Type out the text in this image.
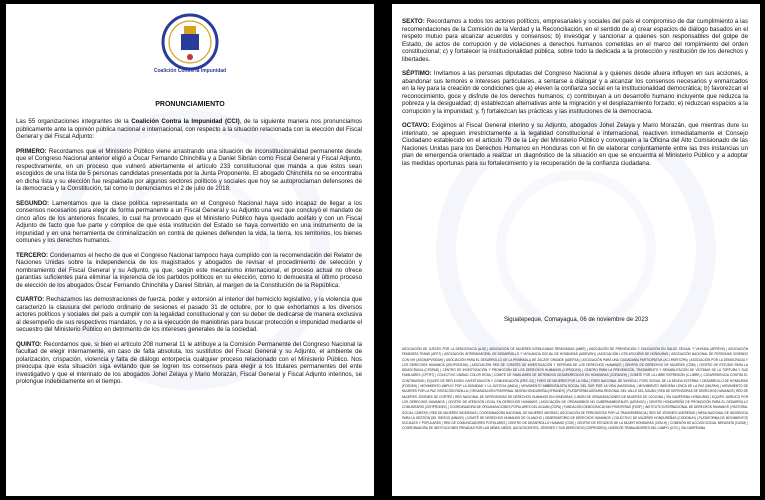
Coalición Contra la Impunidad
PRONUNCIAMIENTO

Las 55 organizaciones integrantes de la Coalición Contra la Impunidad (CCI), de la siguiente manera nos pronunciamos públicamente ante la opinión pública nacional e internacional, con respecto a la situación relacionada con la elección del Fiscal General y del Fiscal Adjunto:

PRIMERO: Recordamos que el Ministerio Público viene arrastrando una situación de inconstitucionalidad permanente desde que el Congreso Nacional anterior eligió a Óscar Fernando Chinchilla y a Daniel Sibrián como Fiscal General y Fiscal Adjunto, respectivamente, en un proceso que vulneró abiertamente el artículo 233 constitucional que manda a que éstos sean escogidos de una lista de 5 personas candidatas presentada por la Junta Proponente. El abogado Chinchilla no se encontraba en dicha lista y su elección fue respaldada por algunos sectores políticos y sociales que hoy se autoproclaman defensores de la democracia y la Constitución, tal como lo denunciamos el 2 de julio de 2018.

SEGUNDO: Lamentamos que la clase política representada en el Congreso Nacional haya sido incapaz de llegar a los consensos necesarios para elegir de forma permanente a un Fiscal General y su Adjunto una vez que concluyó el mandato de cinco años de los anteriores fiscales, lo cual ha provocado que el Ministerio Público haya quedado acéfalo y con un Fiscal Adjunto de facto que fue parte y cómplice de que esta institución del Estado se haya convertido en una instrumento de la impunidad y en una herramienta de criminalización en contra de quienes defienden la vida, la tierra, los territorios, los bienes comunes y los derechos humanos.

TERCERO: Condenamos el hecho de que el Congreso Nacional tampoco haya cumplido con la recomendación del Relator de Naciones Unidas sobre la independencia de los magistrados y abogados de revisar el procedimiento de selección y nombramiento del Fiscal General y su Adjunto, ya que, según este mecanismo internacional, el proceso actual no ofrece garantías suficientes para eliminar la injerencia de los partidos políticos en su elección, como lo demuestra el último proceso de elección de los abogados Óscar Fernando Chinchilla y Daniel Sibrián, al margen de la Constitución de la República.

CUARTO: Rechazamos las demostraciones de fuerza, poder y extorsión al interior del hemiciclo legislativo, y la violencia que caracterizó la clausura del período ordinario de sesiones el pasado 31 de octubre, por lo que exhortamos a los diversos actores políticos y sociales del país a cumplir con la legalidad constitucional y con su deber de dedicarse de manera exclusiva al desempeño de sus respectivos mandatos, y no a la ejecución de maniobras para buscar protección e impunidad mediante el secuestro del Ministerio Público en detrimento de los intereses generales de la sociedad.

QUINTO: Recordamos que, si bien el artículo 208 numeral 11 le atribuye a la Comisión Permanente del Congreso Nacional la facultad de elegir internamente, en caso de falta absoluta, los sustitutos del Fiscal General y su Adjunto, el ambiente de polarización, crispación, violencia y falta de diálogo entorpecía cualquier proceso relacionado con el Ministerio Público. Nos preocupa que esta situación siga evitando que se logren los consensos para elegir a los titulares permanentes del ente investigativo y que el interinato de los abogados Johel Zelaya y Mario Morazán, Fiscal General y Fiscal Adjunto interinos, se prolongue indebidamente en el tiempo.

SEXTO: Recordamos a todos los actores políticos, empresariales y sociales del país el compromiso de dar cumplimiento a las recomendaciones de la Comisión de la Verdad y la Reconciliación, en el sentido de a) crear espacios de diálogo basados en el respeto mutuo para alcanzar acuerdos y consensos; b) investigar y sancionar a quienes son responsables del golpe de Estado, de actos de corrupción y de violaciones a derechos humanos cometidas en el marco del rompimiento del orden constitucional; c) y fortalecer la institucionalidad pública, sobre todo la dedicada a la protección y restitución de los derechos y libertades.

SÉPTIMO: Invitamos a las personas diputadas del Congreso Nacional a y quienes desde afuera influyen en sus acciones, a abandonar sus temores e intereses particulares, a sentarse a dialogar y a alcanzar los consensos necesarios y enmarcados en la ley para la creación de condiciones que a) eleven la confianza social en la institucionalidad democrática; b) favorezcan el reconocimiento, goce y disfrute de los derechos humanos; c) contribuyan a un desarrollo humano incluyente que reduzca la pobreza y la desigualdad; d) establezcan alternativas ante la migración y el desplazamiento forzado; e) reduzcan espacios a la corrupción y la impunidad; y, f) fortalezcan las prácticas y las instituciones de la democracia.

OCTAVO: Exigimos al Fiscal General interino y su Adjunto, abogados Johel Zelaya y Mario Morazán, que mientras dure su interinato, se apeguen irrestrictamente a la legalidad constitucional e internacional, reactiven inmediatamente el Consejo Ciudadano establecido en el artículo 79 de la Ley del Ministerio Público y convoquen a la Oficina del Alto Comisionado de las Naciones Unidas para los Derechos Humanos en Honduras con el fin de elaborar conjuntamente entre las tres instancias un plan de emergencia orientado a realizar un diagnóstico de la situación en que se encuentra el Ministerio Público y a adoptar las medidas oportunas para su fortalecimiento y la recuperación de la confianza ciudadana.

Siguatepeque, Comayagua, 06 de noviembre de 2023
ASOCIACIÓN DE JUECES POR LA DEMOCRACIA (AJD) | ASOCIACIÓN DE MUJERES INTIBUCANAS RENOVADAS (AMIR) | ASOCIACIÓN DE PREVENCIÓN Y EDUCACIÓN EN SALUD SEXUAL Y VIH/SIDA (APREVS) | ASOCIACIÓN FEMINISTA TRANS (AFET) | ASOCIACIÓN INTERMUNICIPAL DE DESARROLLO Y VIGILANCIA SOCIAL DE HONDURAS (AIDEVISH) | ASOCIACIÓN LGTB ARCOÍRIS DE HONDURAS | ASOCIACIÓN NACIONAL DE PERSONAS VIVIENDO CON VIH (ASONAPVSIDAH) | ASOCIACIÓN PARA EL DESARROLLO DE LA PENÍNSULA DE ZACATE GRANDE (ADEPZA) | ASOCIACIÓN PARA UNA CIUDADANÍA PARTICIPATIVA (ACI-PARTICIPA) | ASOCIACIÓN POR LA DEMOCRACIA Y LOS DERECHOS HUMANOS (ASOPODEHU) | ASOCIACIÓN RED DE COMITÉS DE INVESTIGACIÓN Y DEFENSA DE LOS DERECHOS HUMANOS | CENTRO DE DERECHOS DE MUJERES (CDM) | CENTRO DE ESTUDIO PARA LA DEMOCRACIA (CESPAD) | CENTRO DE INVESTIGACIÓN Y PROMOCIÓN DE LOS DERECHOS HUMANOS (CIPRODEH) | CENTRO PARA LA PREVENCIÓN, TRATAMIENTO Y REHABILITACIÓN DE VÍCTIMAS DE LA TORTURA Y SUS FAMILIARES (CPTRT) | COLECTIVO UNIDAD COLOR ROSA | COMITÉ DE FAMILIARES DE DETENIDOS DESAPARECIDOS EN HONDURAS (COFADEH) | COMITÉ POR LA LIBRE EXPRESIÓN (C-LIBRE) | CONVERGENCIA CONTRA EL CONTINUISMO | EQUIPO DE REFLEXIÓN, INVESTIGACIÓN Y COMUNICACIÓN (ERIC-SJ) | FORO DE MUJERES POR LA VIDA | FORO NACIONAL DE VIH/SIDA | FORO SOCIAL DE LA DEUDA EXTERNA Y DESARROLLO DE HONDURAS (FOSDEH) | MOVIMIENTO AMPLIO POR LA DIGNIDAD Y LA JUSTICIA (MADJ) | MOVIMIENTO AMBIENTALISTA SOCIAL DEL SUR POR LA VIDA (MASSVIDA) | MOVIMIENTO INDÍGENA LENCA DE LA PAZ (MILPAH) | MOVIMIENTO DE MUJERES POR LA PAZ VISITACIÓN PADILLA | ORGANIZACIÓN FRATERNAL NEGRA HONDUREÑA (OFRANEH) | PLATAFORMA AGRARIA REGIONAL DEL VALLE DEL AGUÁN | RED DE DEFENSORAS DE DERECHOS HUMANOS | RED DE MUJERES JÓVENES DE CORTÉS | RED NACIONAL DE DEFENSORAS DE DERECHOS HUMANOS EN HONDURAS | UNIÓN DE ORGANIZACIONES DE MUJERES DE OJOJONA | VÍA CAMPESINA HONDURAS | EQUIPO JURÍDICO POR LOS DERECHOS HUMANOS | CENTRO DE ATENCIÓN LEGAL EN DERECHOS HUMANOS | ASOCIACIÓN DE ORGANISMOS NO GUBERNAMENTALES (ASONOG) | CENTRO HONDUREÑO DE PROMOCIÓN PARA EL DESARROLLO COMUNITARIO (CEHPRODEC) | COORDINADORA DE ORGANIZACIONES POPULARES DEL AGUÁN (COPA) | FUNDACIÓN DEMOCRACIA SIN FRONTERAS (FDSF) | INSTITUTO INTERNACIONAL DE DERECHOS HUMANOS | PASTORAL SOCIAL CÁRITAS | RED DE MUJERES INDÍGENAS | COORDINADORA NACIONAL DE MUJERES NEGRAS | ASOCIACIÓN DE PERIODISTAS POR LA TRANSPARENCIA | RED DE JÓVENES LIDERESAS | MESA NACIONAL DE INCIDENCIA PARA LA GESTIÓN DEL RIESGO (MNIGR) | COMITÉ DE DERECHOS HUMANOS DE OLANCHO | OBSERVATORIO DE DERECHOS HUMANOS | COLECTIVO DE MUJERES HONDUREÑAS (CODEMUH) | PLATAFORMA DE MOVIMIENTOS SOCIALES Y POPULARES | RED DE COMUNICADORES POPULARES | CENTRO DE DESARROLLO HUMANO (CDH) | CENTRO DE ESTUDIOS DE LA MUJER HONDURAS (CEM-H) | COMISIÓN DE ACCIÓN SOCIAL MENONITA (CASM) | COORDINADORA DE INSTITUCIONES PRIVADAS POR LAS NIÑAS, NIÑOS, ADOLESCENTES, JÓVENES Y SUS DERECHOS (COIPRODEN) | UNIÓN DE TRABAJADORES DEL CAMPO (UTC) | VÍA CAMPESINA
